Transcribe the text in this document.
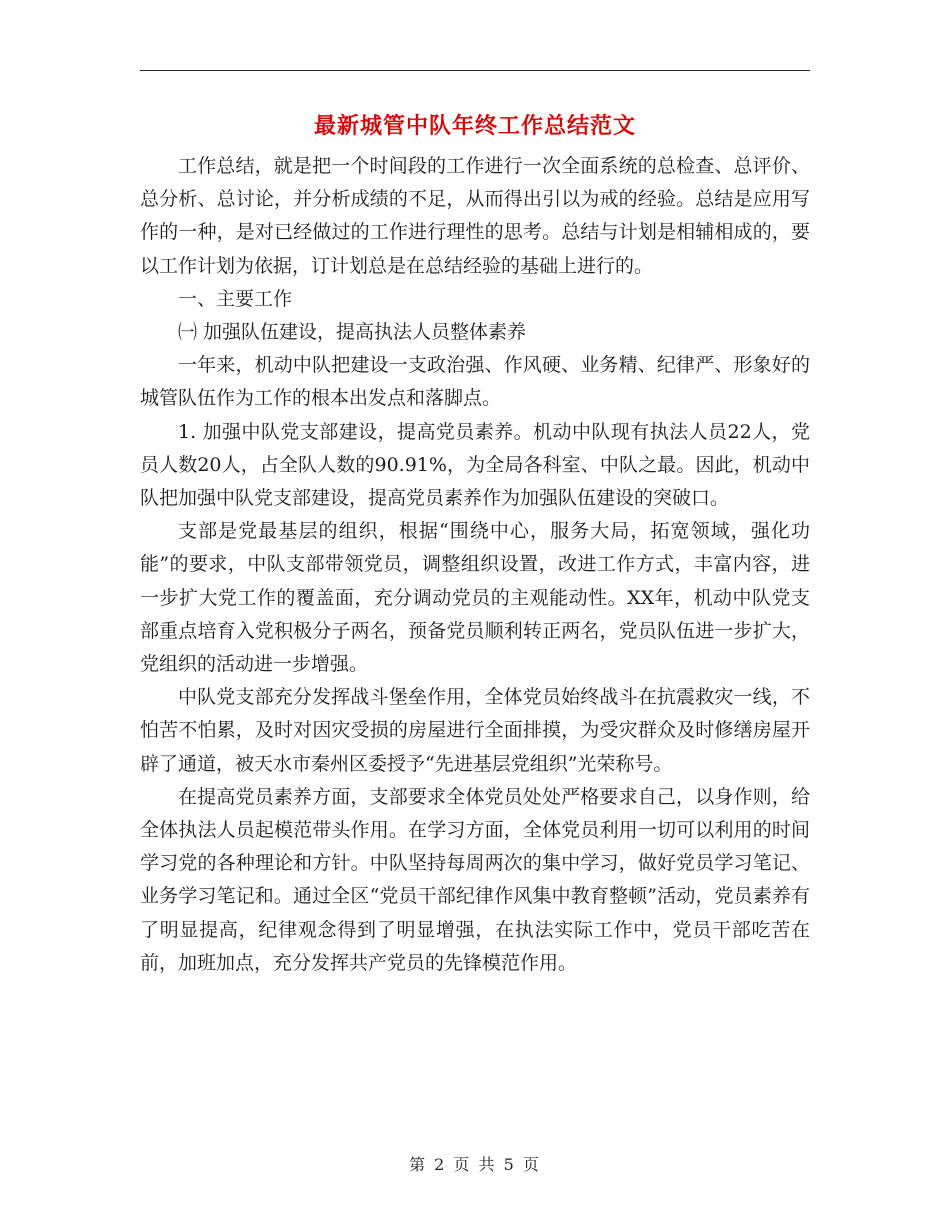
最新城管中队年终工作总结范文

工作总结，就是把一个时间段的工作进行一次全面系统的总检查、总评价、总分析、总讨论，并分析成绩的不足，从而得出引以为戒的经验。总结是应用写作的一种，是对已经做过的工作进行理性的思考。总结与计划是相辅相成的，要以工作计划为依据，订计划总是在总结经验的基础上进行的。

一、主要工作

㈠ 加强队伍建设，提高执法人员整体素养

一年来，机动中队把建设一支政治强、作风硬、业务精、纪律严、形象好的城管队伍作为工作的根本出发点和落脚点。

1. 加强中队党支部建设，提高党员素养。机动中队现有执法人员22人，党员人数20人，占全队人数的90.91%，为全局各科室、中队之最。因此，机动中队把加强中队党支部建设，提高党员素养作为加强队伍建设的突破口。

支部是党最基层的组织，根据“围绕中心，服务大局，拓宽领域，强化功能”的要求，中队支部带领党员，调整组织设置，改进工作方式，丰富内容，进一步扩大党工作的覆盖面，充分调动党员的主观能动性。XX年，机动中队党支部重点培育入党积极分子两名，预备党员顺利转正两名，党员队伍进一步扩大，党组织的活动进一步增强。

中队党支部充分发挥战斗堡垒作用，全体党员始终战斗在抗震救灾一线，不怕苦不怕累，及时对因灾受损的房屋进行全面排摸，为受灾群众及时修缮房屋开辟了通道，被天水市秦州区委授予“先进基层党组织”光荣称号。

在提高党员素养方面，支部要求全体党员处处严格要求自己，以身作则，给全体执法人员起模范带头作用。在学习方面，全体党员利用一切可以利用的时间学习党的各种理论和方针。中队坚持每周两次的集中学习，做好党员学习笔记、业务学习笔记和。通过全区“党员干部纪律作风集中教育整顿”活动，党员素养有了明显提高，纪律观念得到了明显增强，在执法实际工作中，党员干部吃苦在前，加班加点，充分发挥共产党员的先锋模范作用。

第 2 页 共 5 页
